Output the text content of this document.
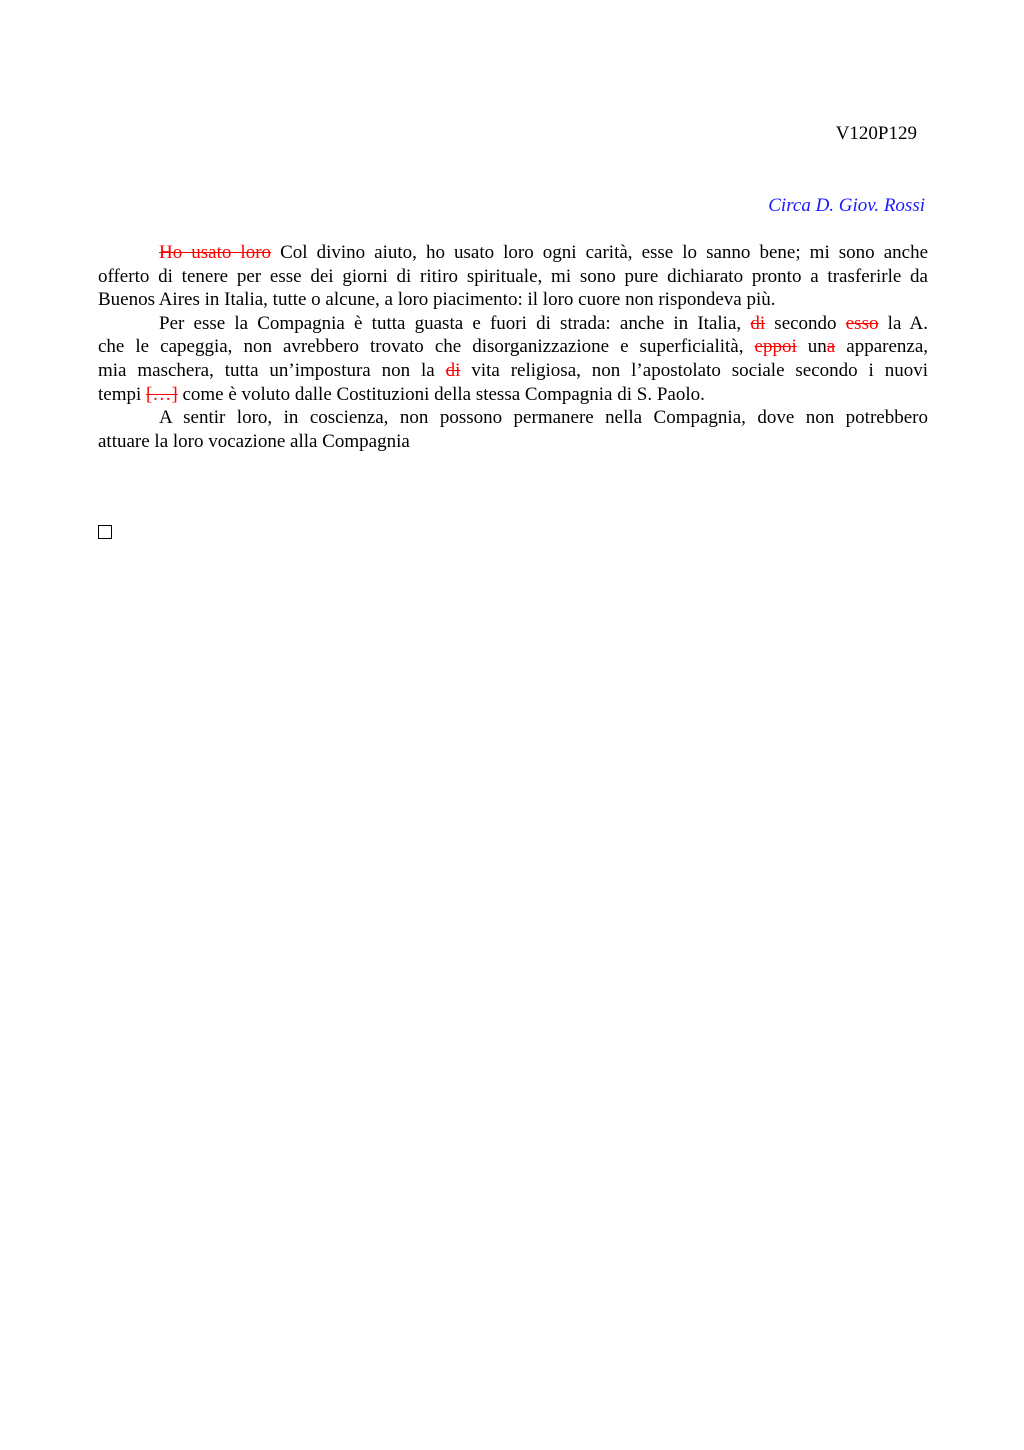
V120P129
Circa D. Giov. Rossi
Ho usato loro Col divino aiuto, ho usato loro ogni carità, esse lo sanno bene; mi sono anche
offerto di tenere per esse dei giorni di ritiro spirituale, mi sono pure dichiarato pronto a trasferirle da
Buenos Aires in Italia, tutte o alcune, a loro piacimento: il loro cuore non rispondeva più.
Per esse la Compagnia è tutta guasta e fuori di strada: anche in Italia, di secondo esso la A.
che le capeggia, non avrebbero trovato che disorganizzazione e superficialità, eppoi una apparenza,
mia maschera, tutta un’impostura non la di vita religiosa, non l’apostolato sociale secondo i nuovi
tempi […] come è voluto dalle Costituzioni della stessa Compagnia di S. Paolo.
A sentir loro, in coscienza, non possono permanere nella Compagnia, dove non potrebbero
attuare la loro vocazione alla Compagnia
